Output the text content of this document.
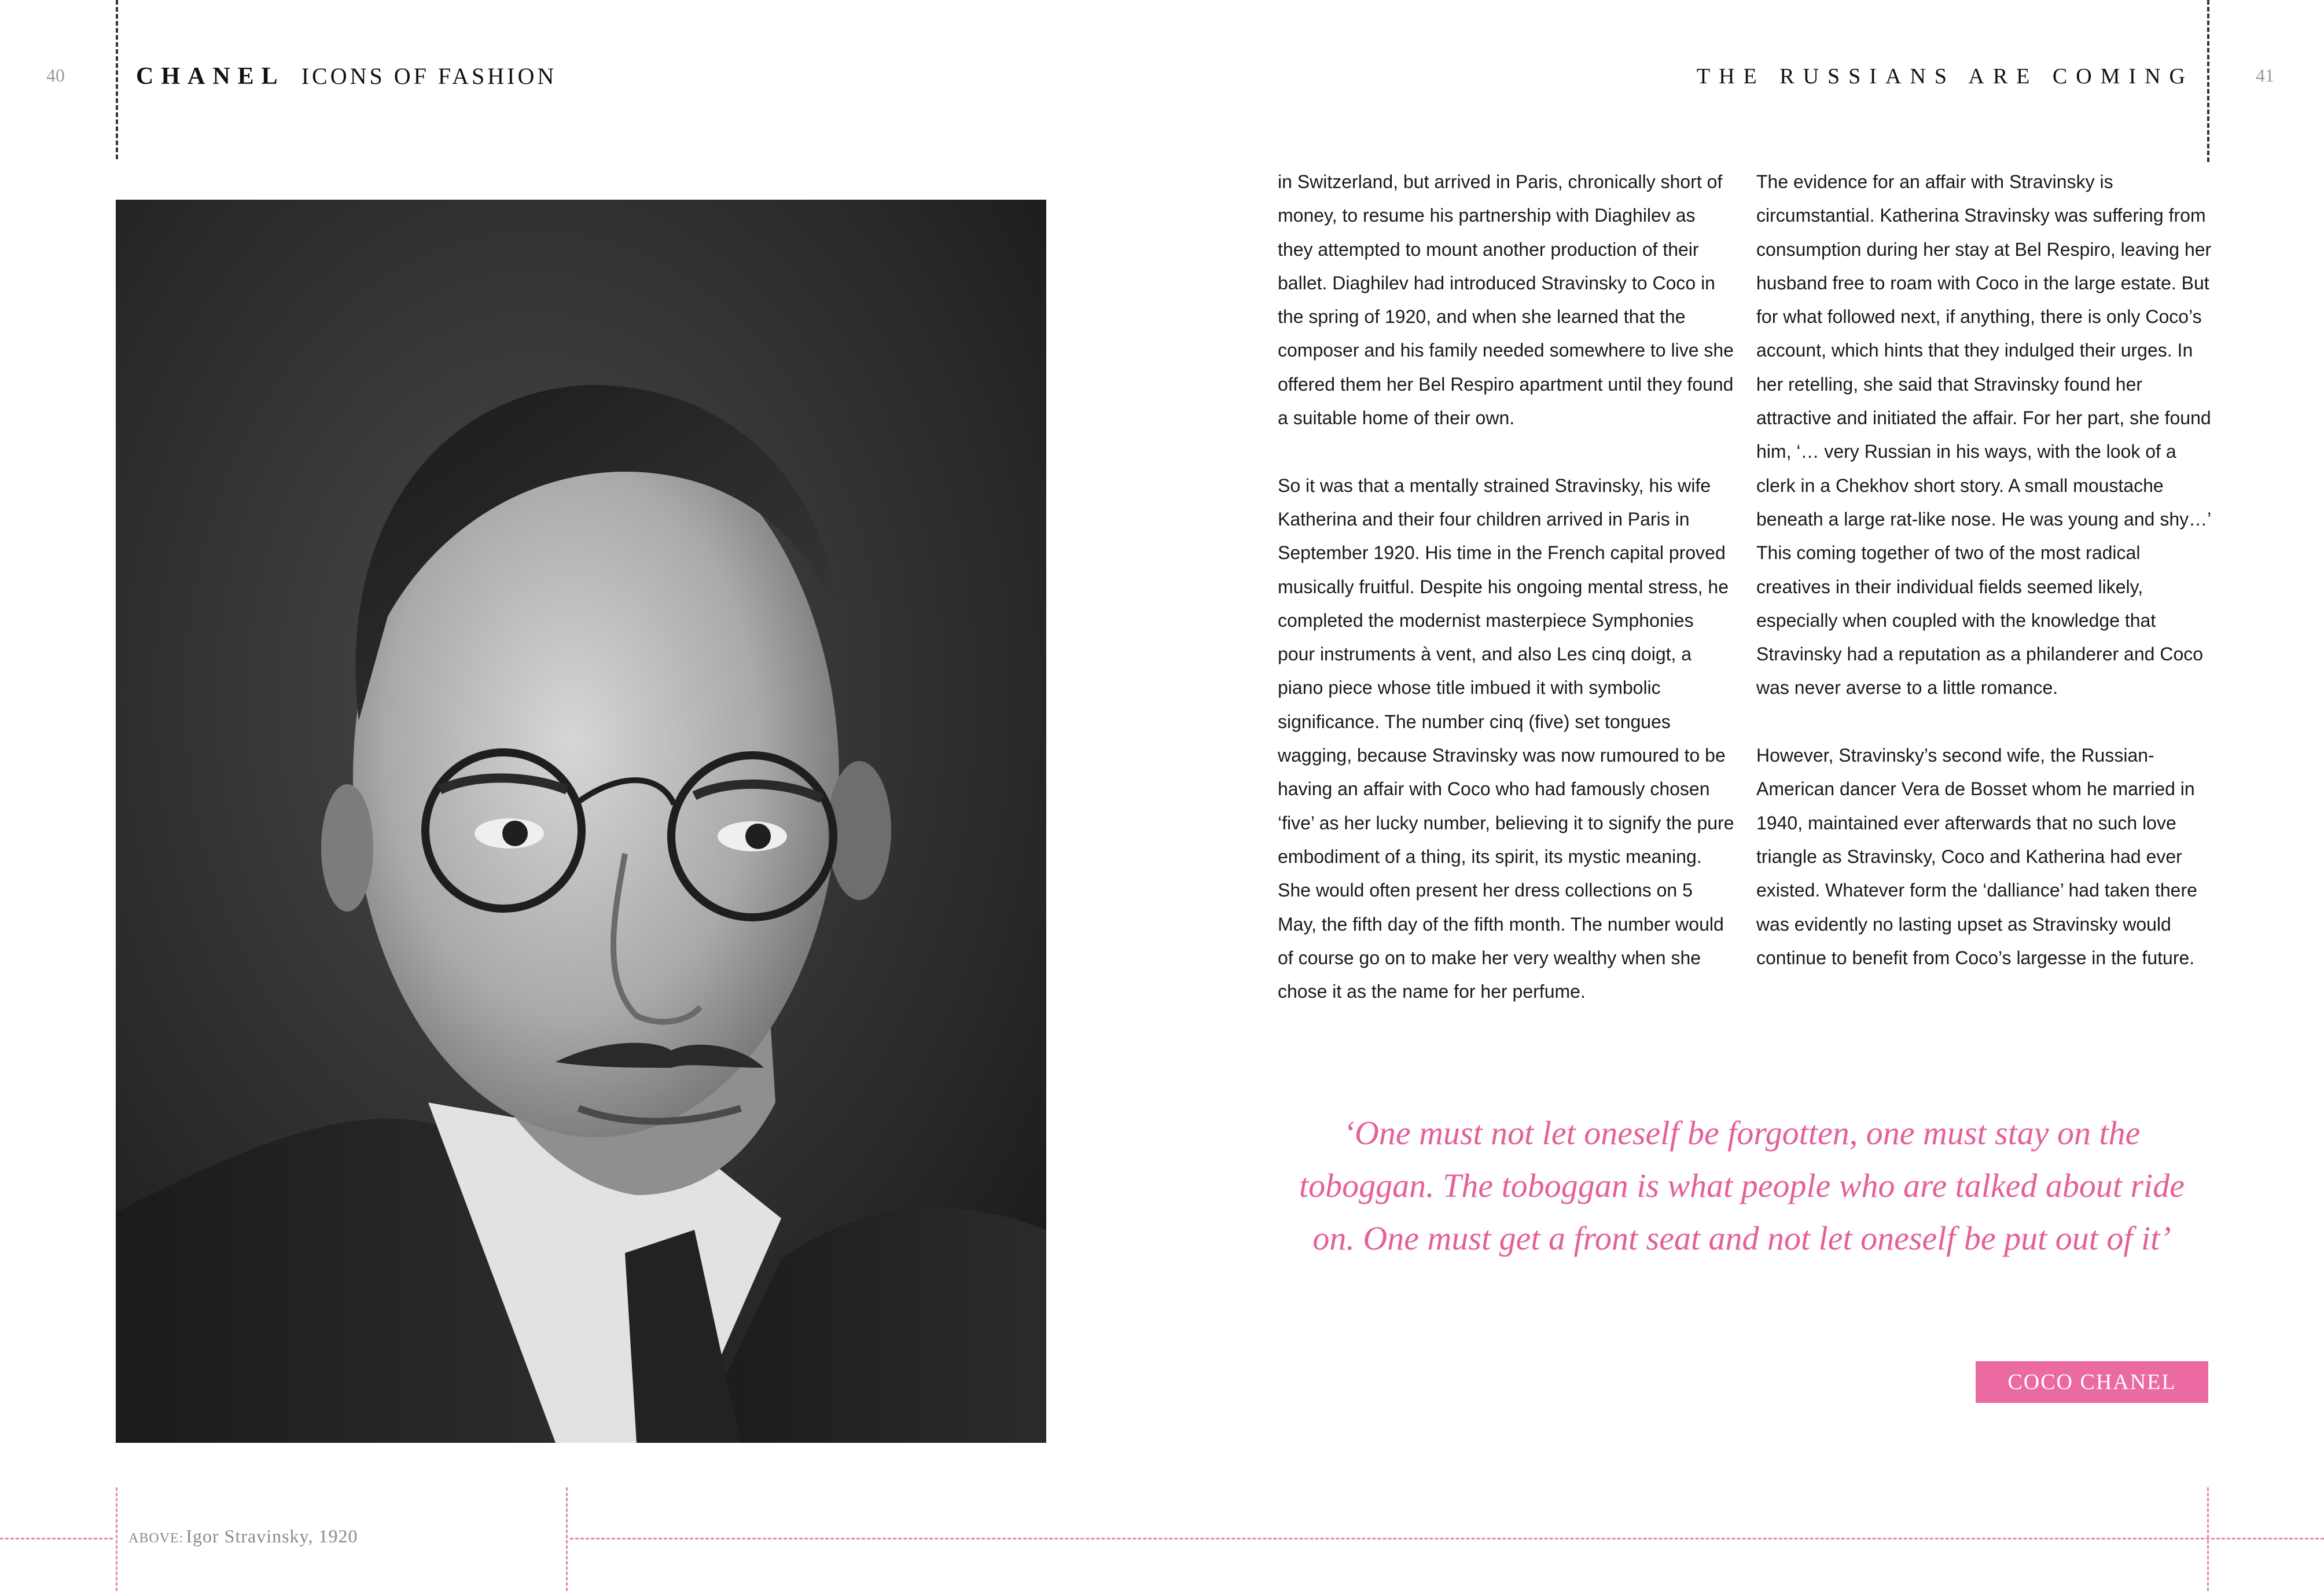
40	CHANEL ICONS OF FASHION	THE RUSSIANS ARE COMING	41

in Switzerland, but arrived in Paris, chronically short of money, to resume his partnership with Diaghilev as they attempted to mount another production of their ballet. Diaghilev had introduced Stravinsky to Coco in the spring of 1920, and when she learned that the composer and his family needed somewhere to live she offered them her Bel Respiro apartment until they found a suitable home of their own.

So it was that a mentally strained Stravinsky, his wife Katherina and their four children arrived in Paris in September 1920. His time in the French capital proved musically fruitful. Despite his ongoing mental stress, he completed the modernist masterpiece Symphonies pour instruments à vent, and also Les cinq doigt, a piano piece whose title imbued it with symbolic significance. The number cinq (five) set tongues wagging, because Stravinsky was now rumoured to be having an affair with Coco who had famously chosen ‘five’ as her lucky number, believing it to signify the pure embodiment of a thing, its spirit, its mystic meaning. She would often present her dress collections on 5 May, the fifth day of the fifth month. The number would of course go on to make her very wealthy when she chose it as the name for her perfume.

The evidence for an affair with Stravinsky is circumstantial. Katherina Stravinsky was suffering from consumption during her stay at Bel Respiro, leaving her husband free to roam with Coco in the large estate. But for what followed next, if anything, there is only Coco’s account, which hints that they indulged their urges. In her retelling, she said that Stravinsky found her attractive and initiated the affair. For her part, she found him, ‘… very Russian in his ways, with the look of a clerk in a Chekhov short story. A small moustache beneath a large rat-like nose. He was young and shy…’ This coming together of two of the most radical creatives in their individual fields seemed likely, especially when coupled with the knowledge that Stravinsky had a reputation as a philanderer and Coco was never averse to a little romance.

However, Stravinsky’s second wife, the Russian-American dancer Vera de Bosset whom he married in 1940, maintained ever afterwards that no such love triangle as Stravinsky, Coco and Katherina had ever existed. Whatever form the ‘dalliance’ had taken there was evidently no lasting upset as Stravinsky would continue to benefit from Coco’s largesse in the future.

‘One must not let oneself be forgotten, one must stay on the toboggan. The toboggan is what people who are talked about ride on. One must get a front seat and not let oneself be put out of it’
COCO CHANEL
ABOVE: Igor Stravinsky, 1920
